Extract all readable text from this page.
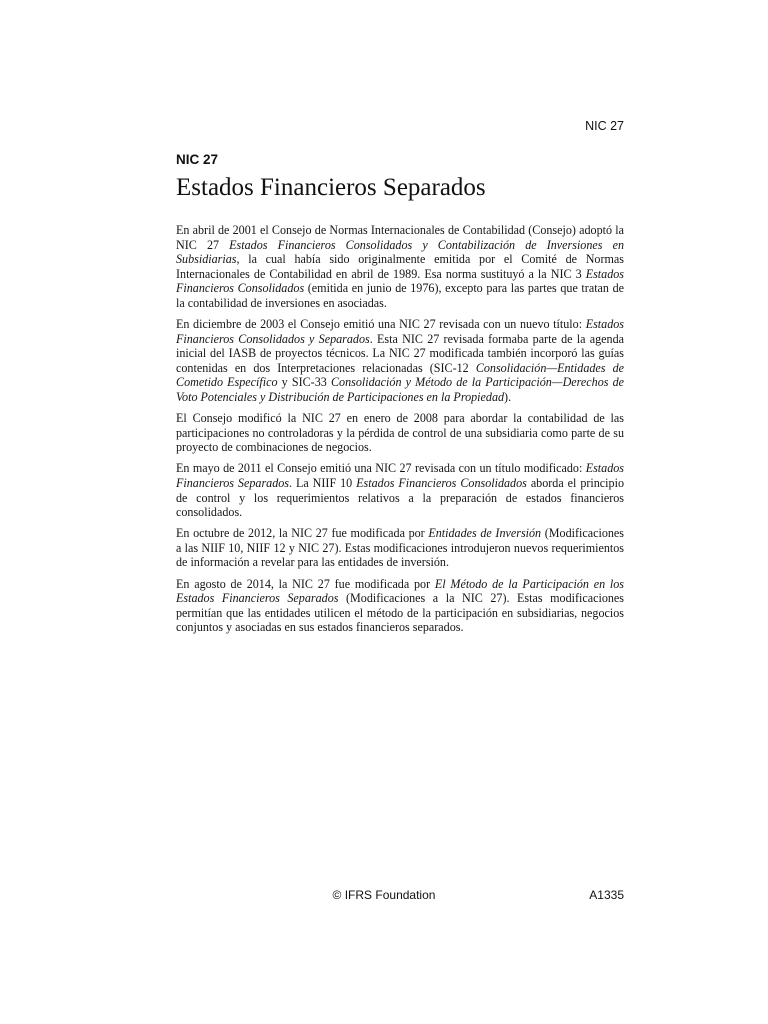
NIC 27
NIC 27
Estados Financieros Separados

En abril de 2001 el Consejo de Normas Internacionales de Contabilidad (Consejo) adoptó la NIC 27 Estados Financieros Consolidados y Contabilización de Inversiones en Subsidiarias, la cual había sido originalmente emitida por el Comité de Normas Internacionales de Contabilidad en abril de 1989. Esa norma sustituyó a la NIC 3 Estados Financieros Consolidados (emitida en junio de 1976), excepto para las partes que tratan de la contabilidad de inversiones en asociadas.

En diciembre de 2003 el Consejo emitió una NIC 27 revisada con un nuevo título: Estados Financieros Consolidados y Separados. Esta NIC 27 revisada formaba parte de la agenda inicial del IASB de proyectos técnicos. La NIC 27 modificada también incorporó las guías contenidas en dos Interpretaciones relacionadas (SIC-12 Consolidación—Entidades de Cometido Específico y SIC-33 Consolidación y Método de la Participación—Derechos de Voto Potenciales y Distribución de Participaciones en la Propiedad).

El Consejo modificó la NIC 27 en enero de 2008 para abordar la contabilidad de las participaciones no controladoras y la pérdida de control de una subsidiaria como parte de su proyecto de combinaciones de negocios.

En mayo de 2011 el Consejo emitió una NIC 27 revisada con un título modificado: Estados Financieros Separados. La NIIF 10 Estados Financieros Consolidados aborda el principio de control y los requerimientos relativos a la preparación de estados financieros consolidados.

En octubre de 2012, la NIC 27 fue modificada por Entidades de Inversión (Modificaciones a las NIIF 10, NIIF 12 y NIC 27). Estas modificaciones introdujeron nuevos requerimientos de información a revelar para las entidades de inversión.

En agosto de 2014, la NIC 27 fue modificada por El Método de la Participación en los Estados Financieros Separados (Modificaciones a la NIC 27). Estas modificaciones permitían que las entidades utilicen el método de la participación en subsidiarias, negocios conjuntos y asociadas en sus estados financieros separados.

© IFRS Foundation	A1335
